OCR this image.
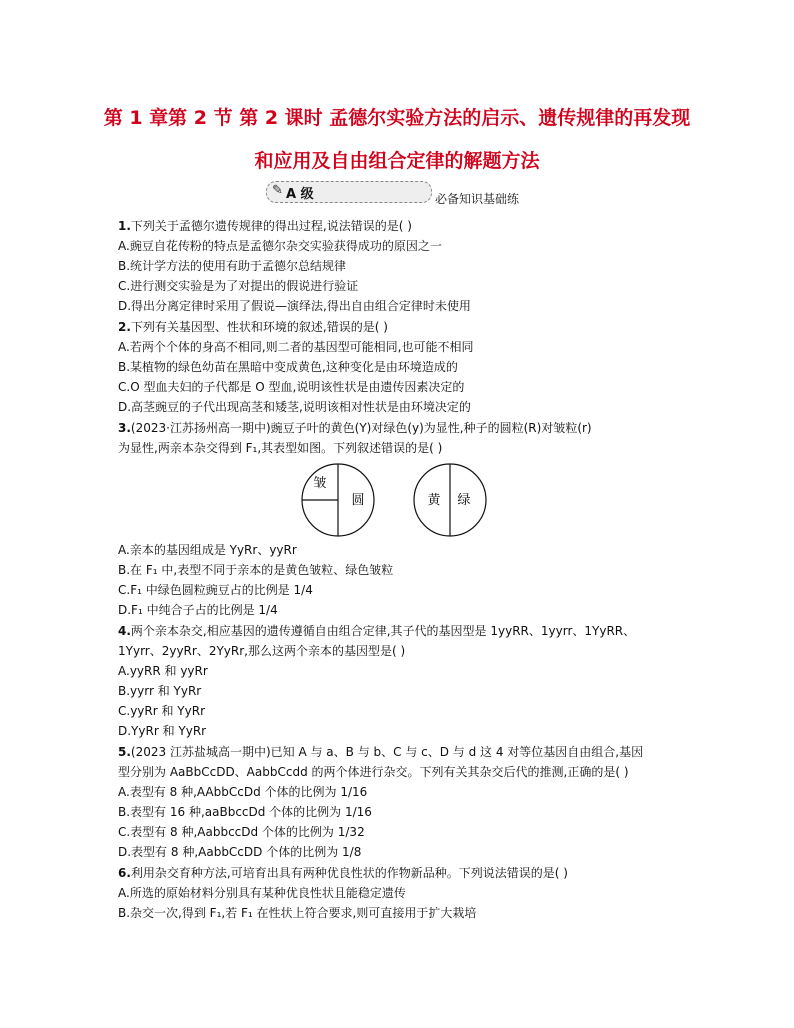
第 1 章第 2 节 第 2 课时 孟德尔实验方法的启示、遗传规律的再发现
和应用及自由组合定律的解题方法
✎ A 级	必备知识基础练
1.下列关于孟德尔遗传规律的得出过程,说法错误的是( )
A.豌豆自花传粉的特点是孟德尔杂交实验获得成功的原因之一
B.统计学方法的使用有助于孟德尔总结规律
C.进行测交实验是为了对提出的假说进行验证
D.得出分离定律时采用了假说—演绎法,得出自由组合定律时未使用
2.下列有关基因型、性状和环境的叙述,错误的是( )
A.若两个个体的身高不相同,则二者的基因型可能相同,也可能不相同
B.某植物的绿色幼苗在黑暗中变成黄色,这种变化是由环境造成的
C.O 型血夫妇的子代都是 O 型血,说明该性状是由遗传因素决定的
D.高茎豌豆的子代出现高茎和矮茎,说明该相对性状是由环境决定的
3.(2023·江苏扬州高一期中)豌豆子叶的黄色(Y)对绿色(y)为显性,种子的圆粒(R)对皱粒(r)
为显性,两亲本杂交得到 F₁,其表型如图。下列叙述错误的是( )
皱
圆	黄 绿
A.亲本的基因组成是 YyRr、yyRr
B.在 F₁ 中,表型不同于亲本的是黄色皱粒、绿色皱粒
C.F₁ 中绿色圆粒豌豆占的比例是 1/4
D.F₁ 中纯合子占的比例是 1/4
4.两个亲本杂交,相应基因的遗传遵循自由组合定律,其子代的基因型是 1yyRR、1yyrr、1YyRR、
1Yyrr、2yyRr、2YyRr,那么这两个亲本的基因型是( )
A.yyRR 和 yyRr
B.yyrr 和 YyRr
C.yyRr 和 YyRr
D.YyRr 和 YyRr
5.(2023 江苏盐城高一期中)已知 A 与 a、B 与 b、C 与 c、D 与 d 这 4 对等位基因自由组合,基因
型分别为 AaBbCcDD、AabbCcdd 的两个体进行杂交。下列有关其杂交后代的推测,正确的是( )
A.表型有 8 种,AAbbCcDd 个体的比例为 1/16
B.表型有 16 种,aaBbccDd 个体的比例为 1/16
C.表型有 8 种,AabbccDd 个体的比例为 1/32
D.表型有 8 种,AabbCcDD 个体的比例为 1/8
6.利用杂交育种方法,可培育出具有两种优良性状的作物新品种。下列说法错误的是( )
A.所选的原始材料分别具有某种优良性状且能稳定遗传
B.杂交一次,得到 F₁,若 F₁ 在性状上符合要求,则可直接用于扩大栽培
